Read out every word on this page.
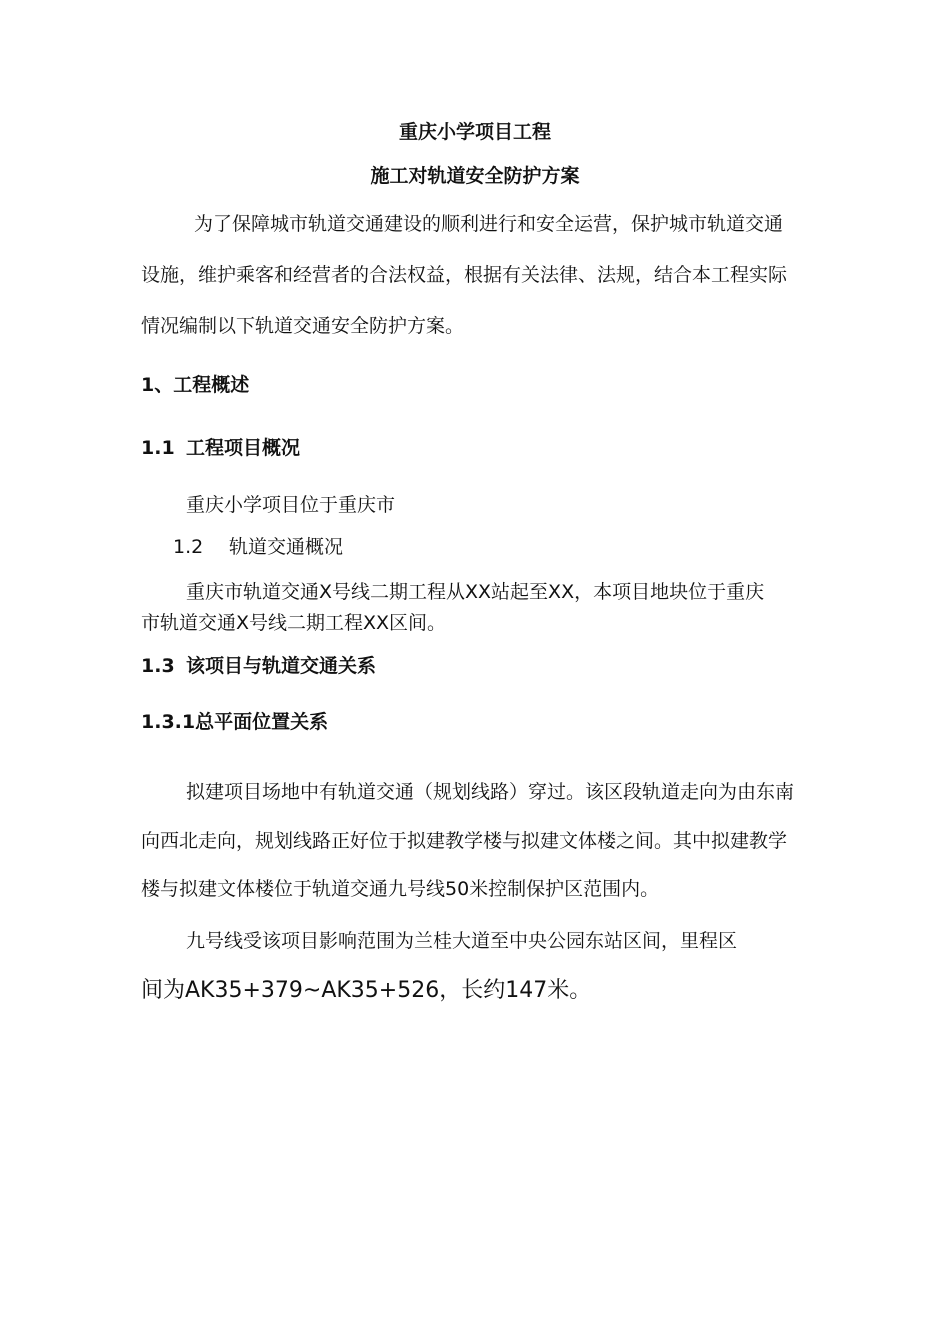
重庆小学项目工程
施工对轨道安全防护方案
为了保障城市轨道交通建设的顺利进行和安全运营，保护城市轨道交通
设施，维护乘客和经营者的合法权益，根据有关法律、法规，结合本工程实际
情况编制以下轨道交通安全防护方案。
1、工程概述
1.1 工程项目概况
重庆小学项目位于重庆市
1.2 轨道交通概况
重庆市轨道交通X号线二期工程从XX站起至XX，本项目地块位于重庆
市轨道交通X号线二期工程XX区间。
1.3 该项目与轨道交通关系
1.3.1总平面位置关系
拟建项目场地中有轨道交通（规划线路）穿过。该区段轨道走向为由东南
向西北走向，规划线路正好位于拟建教学楼与拟建文体楼之间。其中拟建教学
楼与拟建文体楼位于轨道交通九号线50米控制保护区范围内。
九号线受该项目影响范围为兰桂大道至中央公园东站区间，里程区
间为AK35+379~AK35+526，长约147米。
